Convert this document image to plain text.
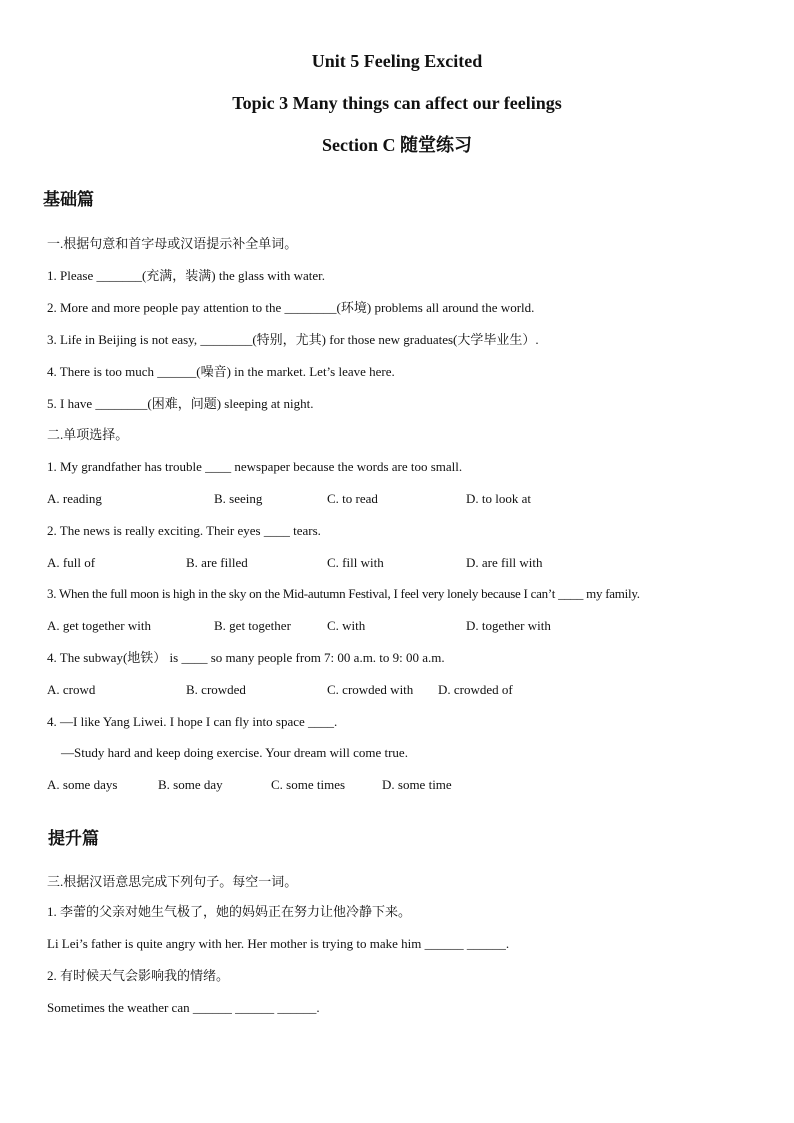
Unit 5 Feeling Excited
Topic 3 Many things can affect our feelings
Section C 随堂练习
基础篇
一.根据句意和首字母或汉语提示补全单词。
1. Please _______(充满，装满) the glass with water.
2. More and more people pay attention to the ________(环境) problems all around the world.
3. Life in Beijing is not easy, ________(特别，尤其) for those new graduates(大学毕业生）.
4. There is too much ______(噪音) in the market. Let’s leave here.
5. I have ________(困难，问题) sleeping at night.
二.单项选择。
1. My grandfather has trouble ____ newspaper because the words are too small.
A. reading	B. seeing	C. to read	D. to look at
2. The news is really exciting. Their eyes ____ tears.
A. full of	B. are filled	C. fill with	D. are fill with
3. When the full moon is high in the sky on the Mid-autumn Festival, I feel very lonely because I can’t ____ my family.
A. get together with	B. get together	C. with	D. together with
4. The subway(地铁） is ____ so many people from 7: 00 a.m. to 9: 00 a.m.
A. crowd	B. crowded	C. crowded with D. crowded of
4. —I like Yang Liwei. I hope I can fly into space ____.
—Study hard and keep doing exercise. Your dream will come true.
A. some days	B. some day	C. some times	D. some time
提升篇
三.根据汉语意思完成下列句子。每空一词。
1. 李蕾的父亲对她生气极了，她的妈妈正在努力让他冷静下来。
Li Lei’s father is quite angry with her. Her mother is trying to make him ______ ______.
2. 有时候天气会影响我的情绪。
Sometimes the weather can ______ ______ ______.
